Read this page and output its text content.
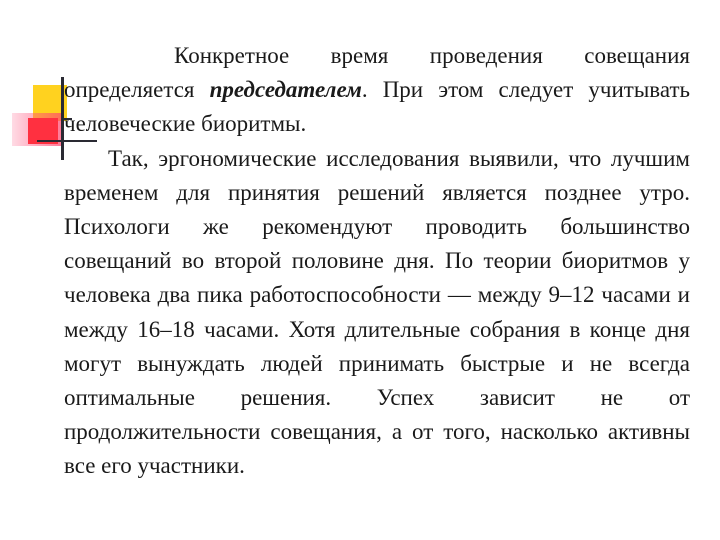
Конкретное время проведения совещания определяется председателем. При этом следует учитывать человеческие биоритмы.

Так, эргономические исследования выявили, что лучшим временем для принятия решений является позднее утро. Психологи же рекомендуют проводить большинство совещаний во второй половине дня. По теории биоритмов у человека два пика работоспособности — между 9–12 часами и между 16–18 часами. Хотя длительные собрания в конце дня могут вынуждать людей принимать быстрые и не всегда оптимальные решения. Успех зависит не от продолжительности совещания, а от того, насколько активны все его участники.
